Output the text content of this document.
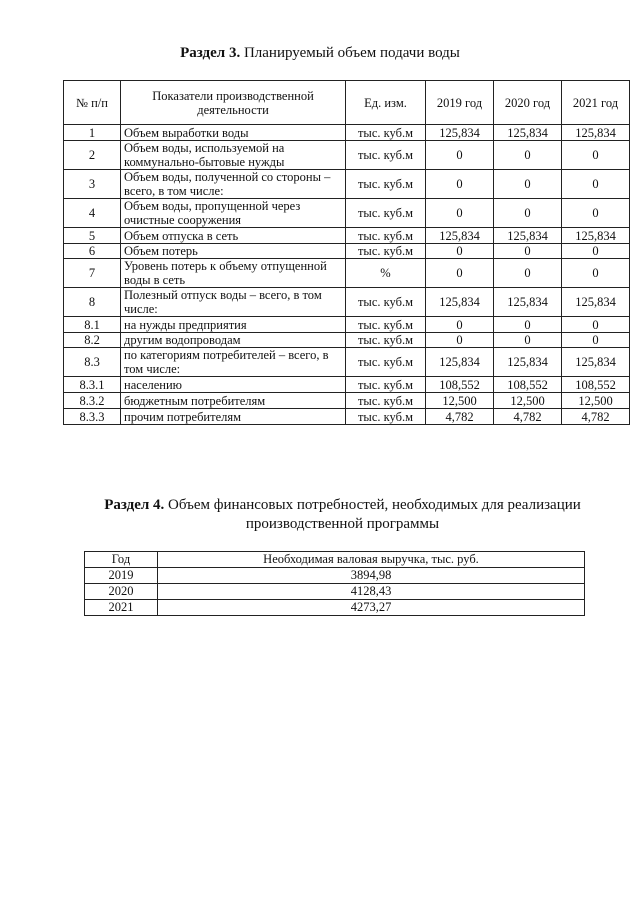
Раздел 3. Планируемый объем подачи воды
№ п/п	Показатели производственной деятельности	Ед. изм.	2019 год	2020 год	2021 год
1	Объем выработки воды	тыс. куб.м	125,834	125,834	125,834
2	Объем воды, используемой на коммунально-бытовые нужды	тыс. куб.м	0	0	0
3	Объем воды, полученной со стороны – всего, в том числе:	тыс. куб.м	0	0	0
4	Объем воды, пропущенной через очистные сооружения	тыс. куб.м	0	0	0
5	Объем отпуска в сеть	тыс. куб.м	125,834	125,834	125,834
6	Объем потерь	тыс. куб.м	0	0	0
7	Уровень потерь к объему отпущенной воды в сеть	%	0	0	0
8	Полезный отпуск воды – всего, в том числе:	тыс. куб.м	125,834	125,834	125,834
8.1	на нужды предприятия	тыс. куб.м	0	0	0
8.2	другим водопроводам	тыс. куб.м	0	0	0
8.3	по категориям потребителей – всего, в том числе:	тыс. куб.м	125,834	125,834	125,834
8.3.1	населению	тыс. куб.м	108,552	108,552	108,552
8.3.2	бюджетным потребителям	тыс. куб.м	12,500	12,500	12,500
8.3.3	прочим потребителям	тыс. куб.м	4,782	4,782	4,782
Раздел 4. Объем финансовых потребностей, необходимых для реализации производственной программы
Год	Необходимая валовая выручка, тыс. руб.
2019	3894,98
2020	4128,43
2021	4273,27
